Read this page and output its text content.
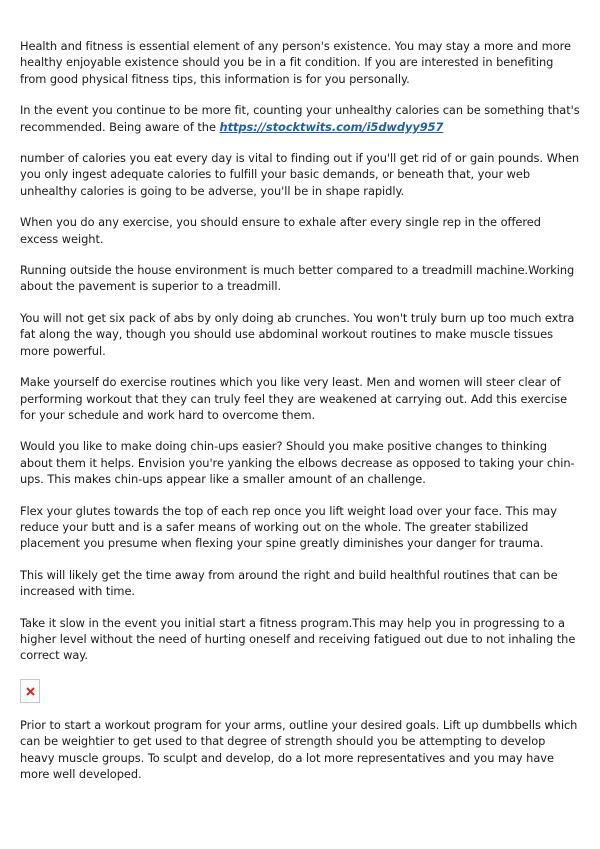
Health and fitness is essential element of any person's existence. You may stay a more and more healthy enjoyable existence should you be in a fit condition. If you are interested in benefiting from good physical fitness tips, this information is for you personally.

In the event you continue to be more fit, counting your unhealthy calories can be something that's recommended. Being aware of the https://stocktwits.com/i5dwdyy957

number of calories you eat every day is vital to finding out if you'll get rid of or gain pounds. When you only ingest adequate calories to fulfill your basic demands, or beneath that, your web unhealthy calories is going to be adverse, you'll be in shape rapidly.

When you do any exercise, you should ensure to exhale after every single rep in the offered excess weight.

Running outside the house environment is much better compared to a treadmill machine.Working about the pavement is superior to a treadmill.

You will not get six pack of abs by only doing ab crunches. You won't truly burn up too much extra fat along the way, though you should use abdominal workout routines to make muscle tissues more powerful.

Make yourself do exercise routines which you like very least. Men and women will steer clear of performing workout that they can truly feel they are weakened at carrying out. Add this exercise for your schedule and work hard to overcome them.

Would you like to make doing chin-ups easier? Should you make positive changes to thinking about them it helps. Envision you're yanking the elbows decrease as opposed to taking your chin-ups. This makes chin-ups appear like a smaller amount of an challenge.

Flex your glutes towards the top of each rep once you lift weight load over your face. This may reduce your butt and is a safer means of working out on the whole. The greater stabilized placement you presume when flexing your spine greatly diminishes your danger for trauma.

This will likely get the time away from around the right and build healthful routines that can be increased with time.

Take it slow in the event you initial start a fitness program.This may help you in progressing to a higher level without the need of hurting oneself and receiving fatigued out due to not inhaling the correct way.

Prior to start a workout program for your arms, outline your desired goals. Lift up dumbbells which can be weightier to get used to that degree of strength should you be attempting to develop heavy muscle groups. To sculpt and develop, do a lot more representatives and you may have more well developed.
